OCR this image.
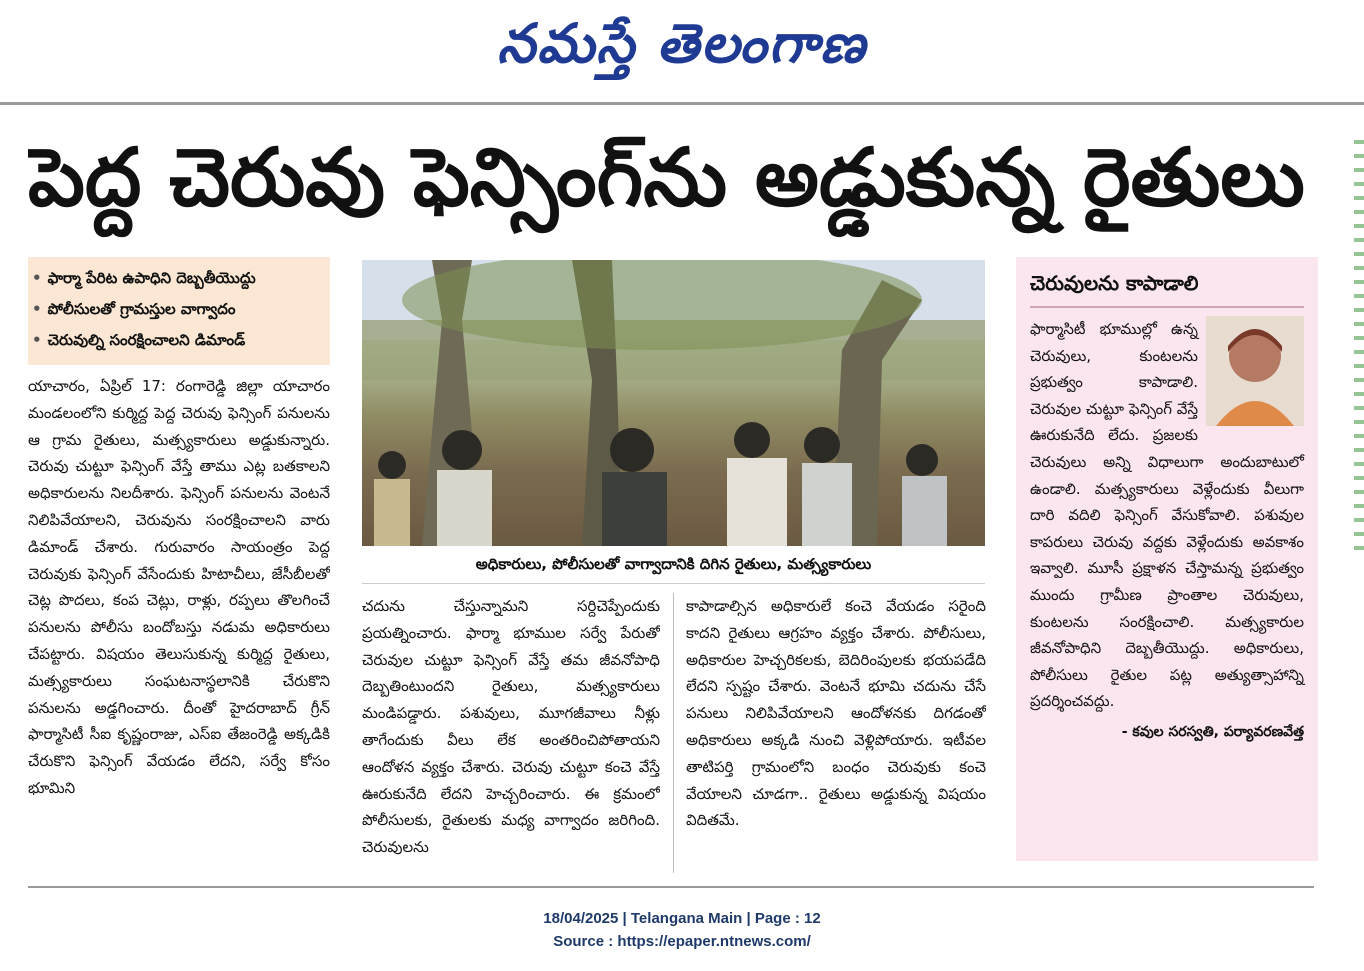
నమస్తే తెలంగాణ
పెద్ద చెరువు ఫెన్సింగ్‌ను అడ్డుకున్న రైతులు
• ఫార్మా పేరిట ఉపాధిని దెబ్బతీయొద్దు
• పోలీసులతో గ్రామస్తుల వాగ్వాదం
• చెరువుల్ని సంరక్షించాలని డిమాండ్

యాచారం, ఏప్రిల్ 17: రంగారెడ్డి జిల్లా యాచారం మండలంలోని కుర్మిద్ద పెద్ద చెరువు ఫెన్సింగ్ పనులను ఆ గ్రామ రైతులు, మత్స్యకారులు అడ్డుకున్నారు. చెరువు చుట్టూ ఫెన్సింగ్ వేస్తే తాము ఎట్ల బతకాలని అధికారులను నిలదీశారు. ఫెన్సింగ్ పనులను వెంటనే నిలిపివేయాలని, చెరువును సంరక్షించాలని వారు డిమాండ్ చేశారు. గురువారం సాయంత్రం పెద్ద చెరువుకు ఫెన్సింగ్ వేసేందుకు హిటాచీలు, జేసీబీలతో చెట్ల పొదలు, కంప చెట్లు, రాళ్లు, రప్పలు తొలగించే పనులను పోలీసు బందోబస్తు నడుమ అధికారులు చేపట్టారు. విషయం తెలుసుకున్న కుర్మిద్ద రైతులు, మత్స్యకారులు సంఘటనాస్థలానికి చేరుకొని పనులను అడ్డగించారు. దీంతో హైదరాబాద్ గ్రీన్ ఫార్మాసిటీ సీఐ కృష్ణంరాజు, ఎస్ఐ తేజంరెడ్డి అక్కడికి చేరుకొని ఫెన్సింగ్ వేయడం లేదని, సర్వే కోసం భూమిని

అధికారులు, పోలీసులతో వాగ్వాదానికి దిగిన రైతులు, మత్స్యకారులు

చదును చేస్తున్నామని సర్దిచెప్పేందుకు ప్రయత్నించారు. ఫార్మా భూముల సర్వే పేరుతో చెరువుల చుట్టూ ఫెన్సింగ్ వేస్తే తమ జీవనోపాధి దెబ్బతింటుందని రైతులు, మత్స్యకారులు మండిపడ్డారు. పశువులు, మూగజీవాలు నీళ్లు తాగేందుకు వీలు లేక అంతరించిపోతాయని ఆందోళన వ్యక్తం చేశారు. చెరువు చుట్టూ కంచె వేస్తే ఊరుకునేది లేదని హెచ్చరించారు. ఈ క్రమంలో పోలీసులకు, రైతులకు మధ్య వాగ్వాదం జరిగింది. చెరువులను

కాపాడాల్సిన అధికారులే కంచె వేయడం సరైంది కాదని రైతులు ఆగ్రహం వ్యక్తం చేశారు. పోలీసులు, అధికారుల హెచ్చరికలకు, బెదిరింపులకు భయపడేది లేదని స్పష్టం చేశారు. వెంటనే భూమి చదును చేసే పనులు నిలిపివేయాలని ఆందోళనకు దిగడంతో అధికారులు అక్కడి నుంచి వెళ్లిపోయారు. ఇటీవల తాటిపర్తి గ్రామంలోని బంధం చెరువుకు కంచె వేయాలని చూడగా.. రైతులు అడ్డుకున్న విషయం విదితమే.

చెరువులను కాపాడాలి
ఫార్మాసిటీ భూముల్లో ఉన్న చెరువులు, కుంటలను ప్రభుత్వం కాపాడాలి. చెరువుల చుట్టూ ఫెన్సింగ్ వేస్తే ఊరుకునేది లేదు. ప్రజలకు చెరువులు అన్ని విధాలుగా అందుబాటులో ఉండాలి. మత్స్యకారులు వెళ్లేందుకు వీలుగా దారి వదిలి ఫెన్సింగ్ వేసుకోవాలి. పశువుల కాపరులు చెరువు వద్దకు వెళ్లేందుకు అవకాశం ఇవ్వాలి. మూసీ ప్రక్షాళన చేస్తామన్న ప్రభుత్వం ముందు గ్రామీణ ప్రాంతాల చెరువులు, కుంటలను సంరక్షించాలి. మత్స్యకారుల జీవనోపాధిని దెబ్బతీయొద్దు. అధికారులు, పోలీసులు రైతుల పట్ల అత్యుత్సాహాన్ని ప్రదర్శించవద్దు.
- కవుల సరస్వతి, పర్యావరణవేత్త
18/04/2025 | Telangana Main | Page : 12
Source : https://epaper.ntnews.com/
